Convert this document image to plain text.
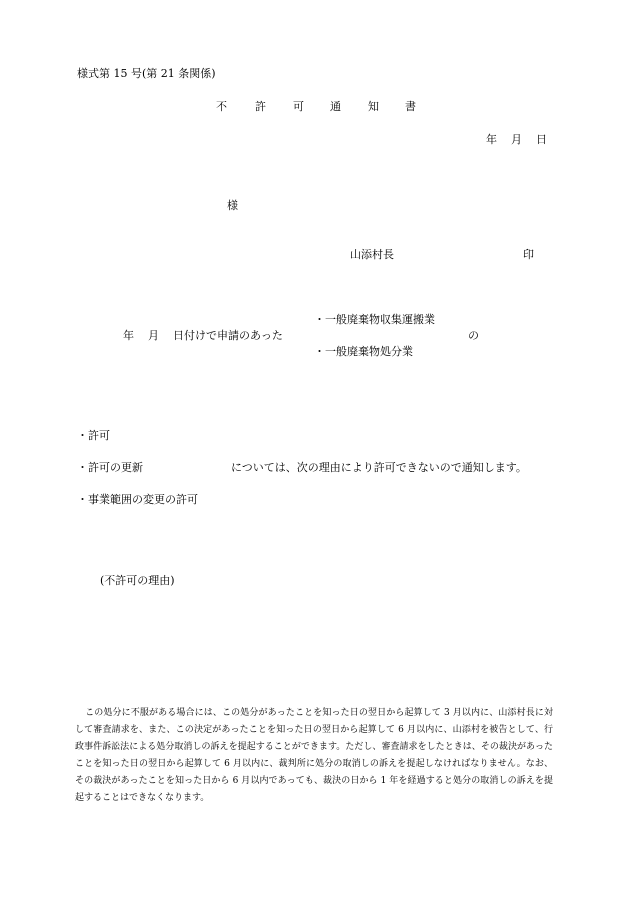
様式第 15 号(第 21 条関係)
不	許 可 通 知 書
年 月 日
様
山添村長	印
・一般廃棄物収集運搬業
年 月 日付けで申請のあった	の
・一般廃棄物処分業
・許可
・許可の更新	については、次の理由により許可できないので通知します。
・事業範囲の変更の許可
(不許可の理由)
この処分に不服がある場合には、この処分があったことを知った日の翌日から起算して 3 月以内に、山添村長に対して審査請求を、また、この決定があったことを知った日の翌日から起算して 6 月以内に、山添村を被告として、行政事件訴訟法による処分取消しの訴えを提起することができます。ただし、審査請求をしたときは、その裁決があったことを知った日の翌日から起算して 6 月以内に、裁判所に処分の取消しの訴えを提起しなければなりません。なお、その裁決があったことを知った日から 6 月以内であっても、裁決の日から 1 年を経過すると処分の取消しの訴えを提起することはできなくなります。
